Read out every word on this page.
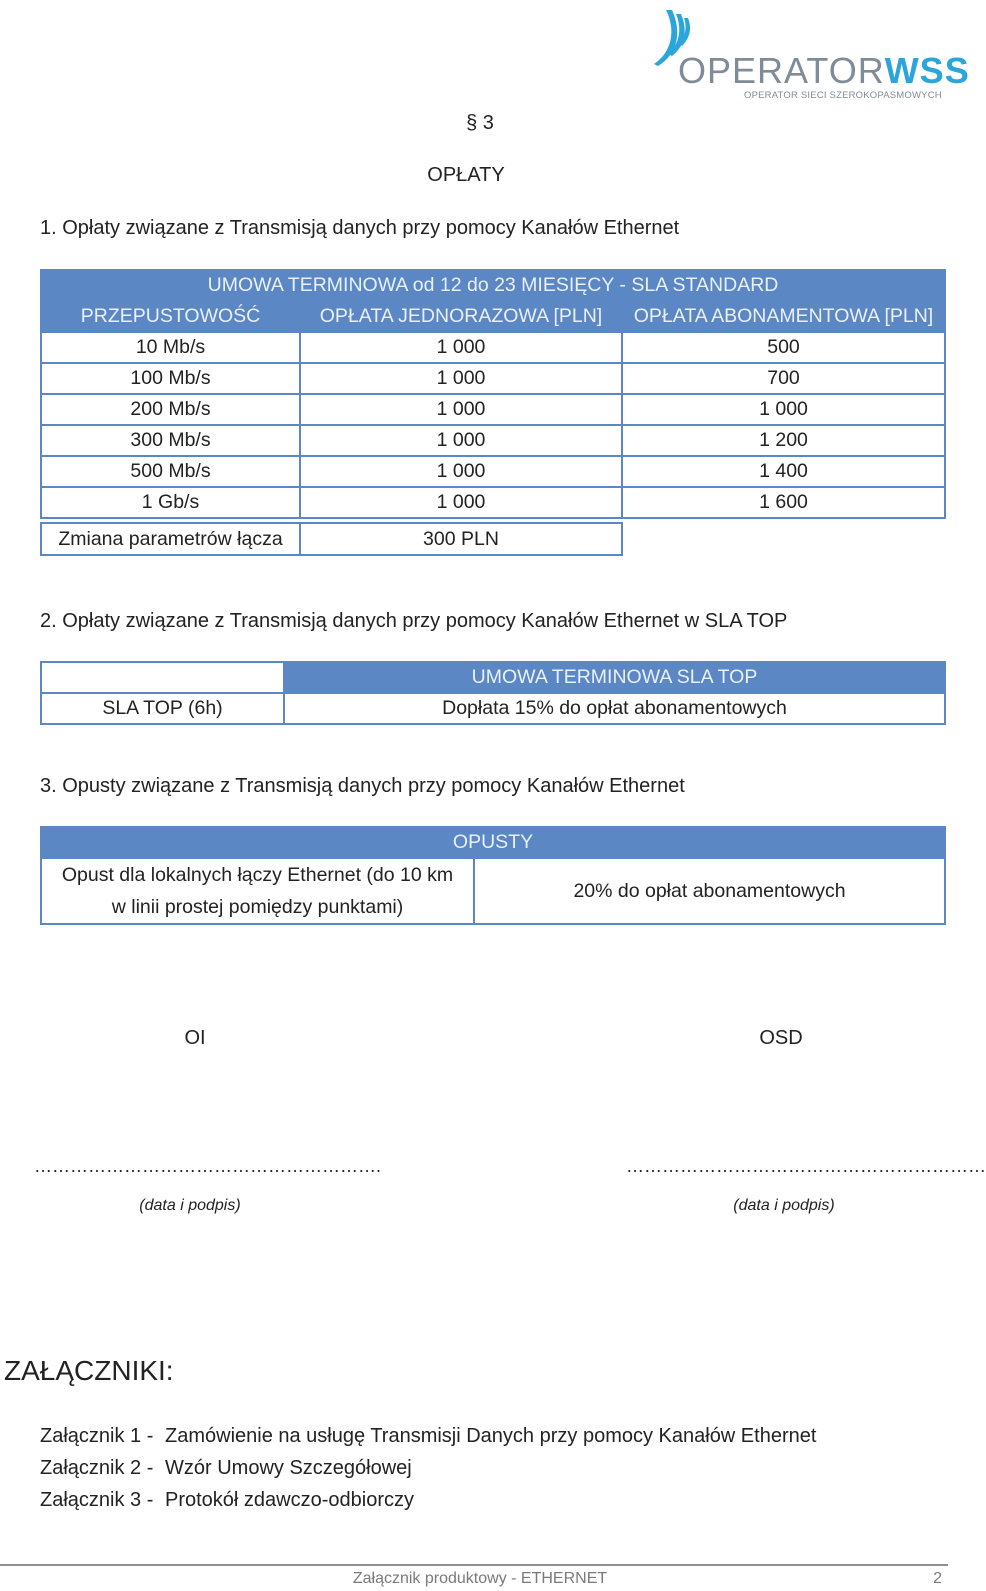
OPERATORWSS
OPERATOR SIECI SZEROKOPASMOWYCH
§ 3
OPŁATY
1. Opłaty związane z Transmisją danych przy pomocy Kanałów Ethernet
UMOWA TERMINOWA od 12 do 23 MIESIĘCY - SLA STANDARD		
PRZEPUSTOWOŚĆ	OPŁATA JEDNORAZOWA [PLN]	OPŁATA ABONAMENTOWA [PLN]
10 Mb/s	1 000	500
100 Mb/s	1 000	700
200 Mb/s	1 000	1 000
300 Mb/s	1 000	1 200
500 Mb/s	1 000	1 400
1 Gb/s	1 000	1 600
Zmiana parametrów łącza	300 PLN
2. Opłaty związane z Transmisją danych przy pomocy Kanałów Ethernet w SLA TOP
	UMOWA TERMINOWA SLA TOP
SLA TOP (6h)	Dopłata 15% do opłat abonamentowych
3. Opusty związane z Transmisją danych przy pomocy Kanałów Ethernet
OPUSTY

Opust dla lokalnych łączy Ethernet (do 10 km
w linii prostej pomiędzy punktami)
	20% do opłat abonamentowych
OI	OSD
………………………………………………….	……………………………………………………
(data i podpis)	(data i podpis)
ZAŁĄCZNIKI:
Załącznik 1 - Zamówienie na usługę Transmisji Danych przy pomocy Kanałów Ethernet
Załącznik 2 - Wzór Umowy Szczegółowej
Załącznik 3 - Protokół zdawczo-odbiorczy
Załącznik produktowy - ETHERNET	2
